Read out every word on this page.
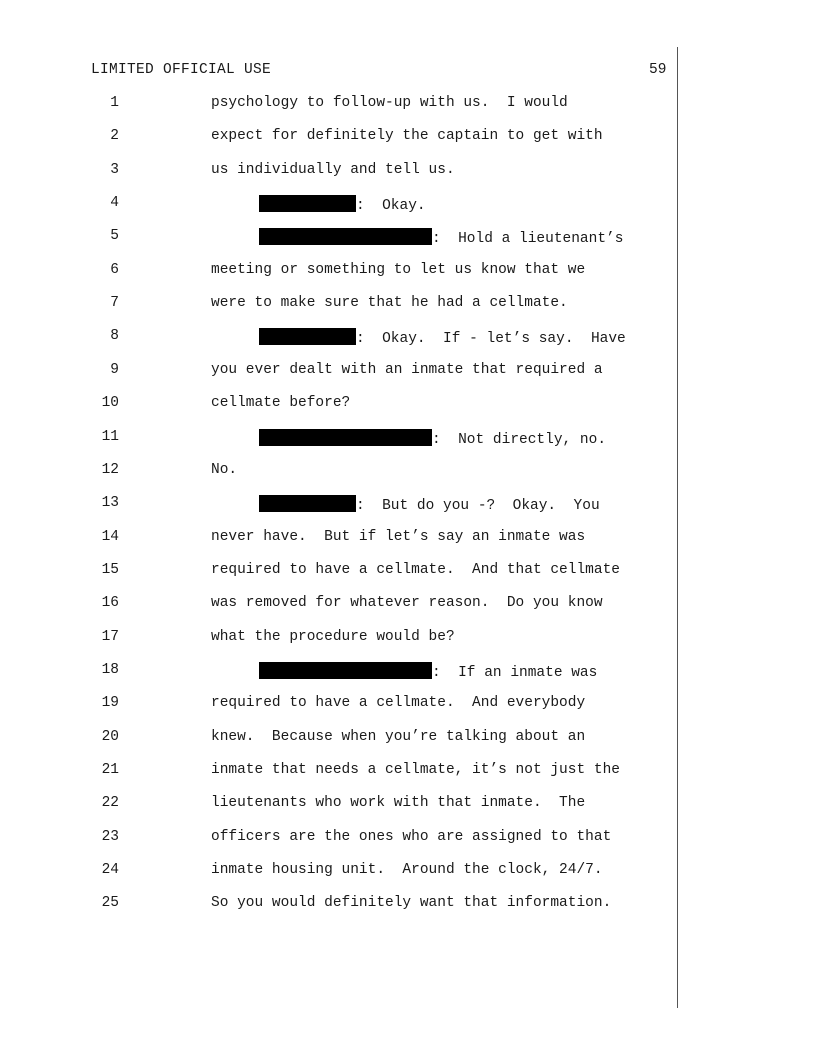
LIMITED OFFICIAL USE	59
1	psychology to follow-up with us.  I would
2	expect for definitely the captain to get with
3	us individually and tell us.
4	:  Okay.
5	:  Hold a lieutenant’s
6	meeting or something to let us know that we
7	were to make sure that he had a cellmate.
8	:  Okay.  If - let’s say.  Have
9	you ever dealt with an inmate that required a
10	cellmate before?
11	:  Not directly, no.
12	No.
13	:  But do you -?  Okay.  You
14	never have.  But if let’s say an inmate was
15	required to have a cellmate.  And that cellmate
16	was removed for whatever reason.  Do you know
17	what the procedure would be?
18	:  If an inmate was
19	required to have a cellmate.  And everybody
20	knew.  Because when you’re talking about an
21	inmate that needs a cellmate, it’s not just the
22	lieutenants who work with that inmate.  The
23	officers are the ones who are assigned to that
24	inmate housing unit.  Around the clock, 24/7.
25	So you would definitely want that information.
